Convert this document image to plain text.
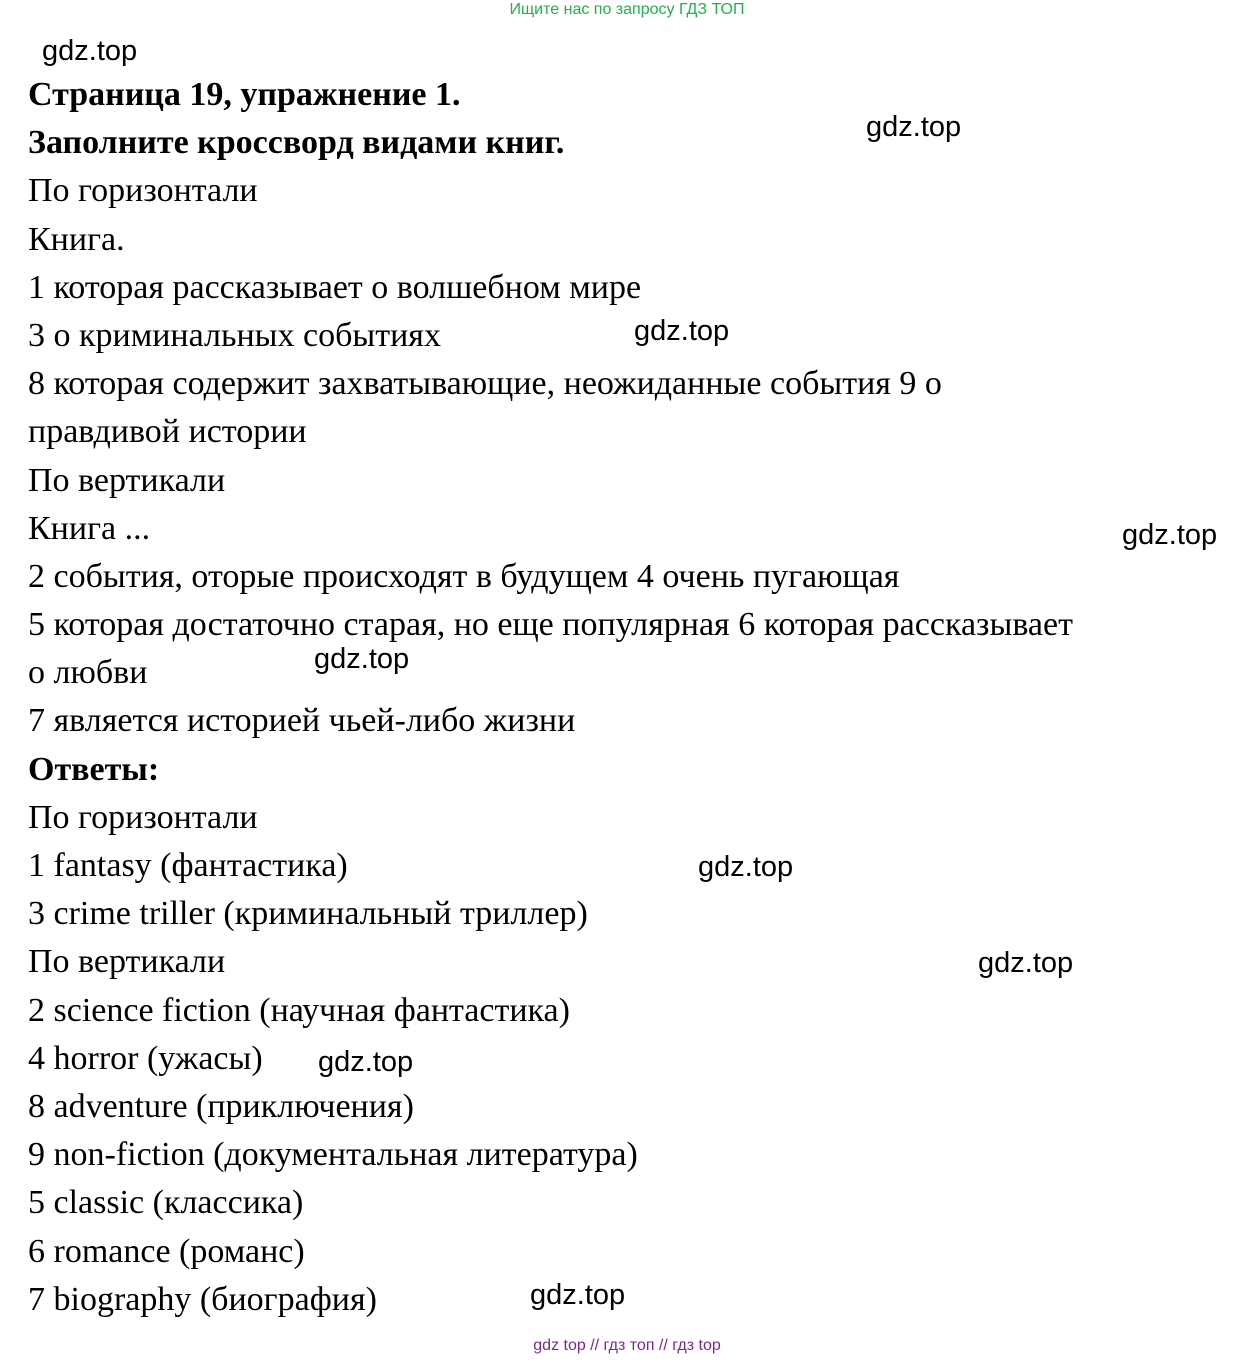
Ищите нас по запросу ГДЗ ТОП
Страница 19, упражнение 1.
Заполните кроссворд видами книг.
По горизонтали
Книга.
1 которая рассказывает о волшебном мире
3 о криминальных событиях
8 которая содержит захватывающие, неожиданные события 9 о
правдивой истории
По вертикали
Книга ...
2 события, оторые происходят в будущем 4 очень пугающая
5 которая достаточно старая, но еще популярная 6 которая рассказывает
о любви
7 является историей чьей-либо жизни
Ответы:
По горизонтали
1 fantasy (фантастика)
3 crime triller (криминальный триллер)
По вертикали
2 science fiction (научная фантастика)
4 horror (ужасы)
8 adventure (приключения)
9 non-fiction (документальная литература)
5 classic (классика)
6 romance (романс)
7 biography (биография)
gdz.top
gdz.top
gdz.top
gdz.top
gdz.top
gdz.top
gdz.top
gdz.top
gdz.top
gdz top // гдз топ // гдз top
